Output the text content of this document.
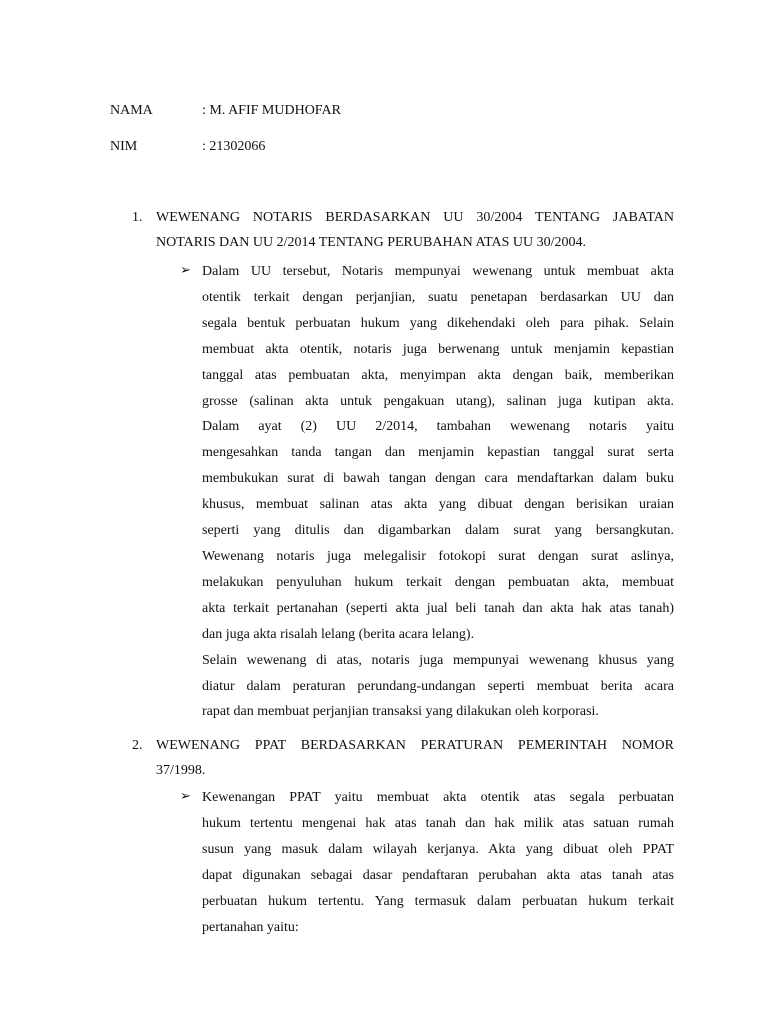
NAMA	: M. AFIF MUDHOFAR
NIM	: 21302066
1. WEWENANG NOTARIS BERDASARKAN UU 30/2004 TENTANG JABATAN

NOTARIS DAN UU 2/2014 TENTANG PERUBAHAN ATAS UU 30/2004.

➢ Dalam UU tersebut, Notaris mempunyai wewenang untuk membuat akta

otentik terkait dengan perjanjian, suatu penetapan berdasarkan UU dan

segala bentuk perbuatan hukum yang dikehendaki oleh para pihak. Selain

membuat akta otentik, notaris juga berwenang untuk menjamin kepastian

tanggal atas pembuatan akta, menyimpan akta dengan baik, memberikan

grosse (salinan akta untuk pengakuan utang), salinan juga kutipan akta.

Dalam ayat (2) UU 2/2014, tambahan wewenang notaris yaitu

mengesahkan tanda tangan dan menjamin kepastian tanggal surat serta

membukukan surat di bawah tangan dengan cara mendaftarkan dalam buku

khusus, membuat salinan atas akta yang dibuat dengan berisikan uraian

seperti yang ditulis dan digambarkan dalam surat yang bersangkutan.

Wewenang notaris juga melegalisir fotokopi surat dengan surat aslinya,

melakukan penyuluhan hukum terkait dengan pembuatan akta, membuat

akta terkait pertanahan (seperti akta jual beli tanah dan akta hak atas tanah)

dan juga akta risalah lelang (berita acara lelang).

Selain wewenang di atas, notaris juga mempunyai wewenang khusus yang

diatur dalam peraturan perundang-undangan seperti membuat berita acara

rapat dan membuat perjanjian transaksi yang dilakukan oleh korporasi.

2. WEWENANG PPAT BERDASARKAN PERATURAN PEMERINTAH NOMOR

37/1998.

➢ Kewenangan PPAT yaitu membuat akta otentik atas segala perbuatan

hukum tertentu mengenai hak atas tanah dan hak milik atas satuan rumah

susun yang masuk dalam wilayah kerjanya. Akta yang dibuat oleh PPAT

dapat digunakan sebagai dasar pendaftaran perubahan akta atas tanah atas

perbuatan hukum tertentu. Yang termasuk dalam perbuatan hukum terkait

pertanahan yaitu:
